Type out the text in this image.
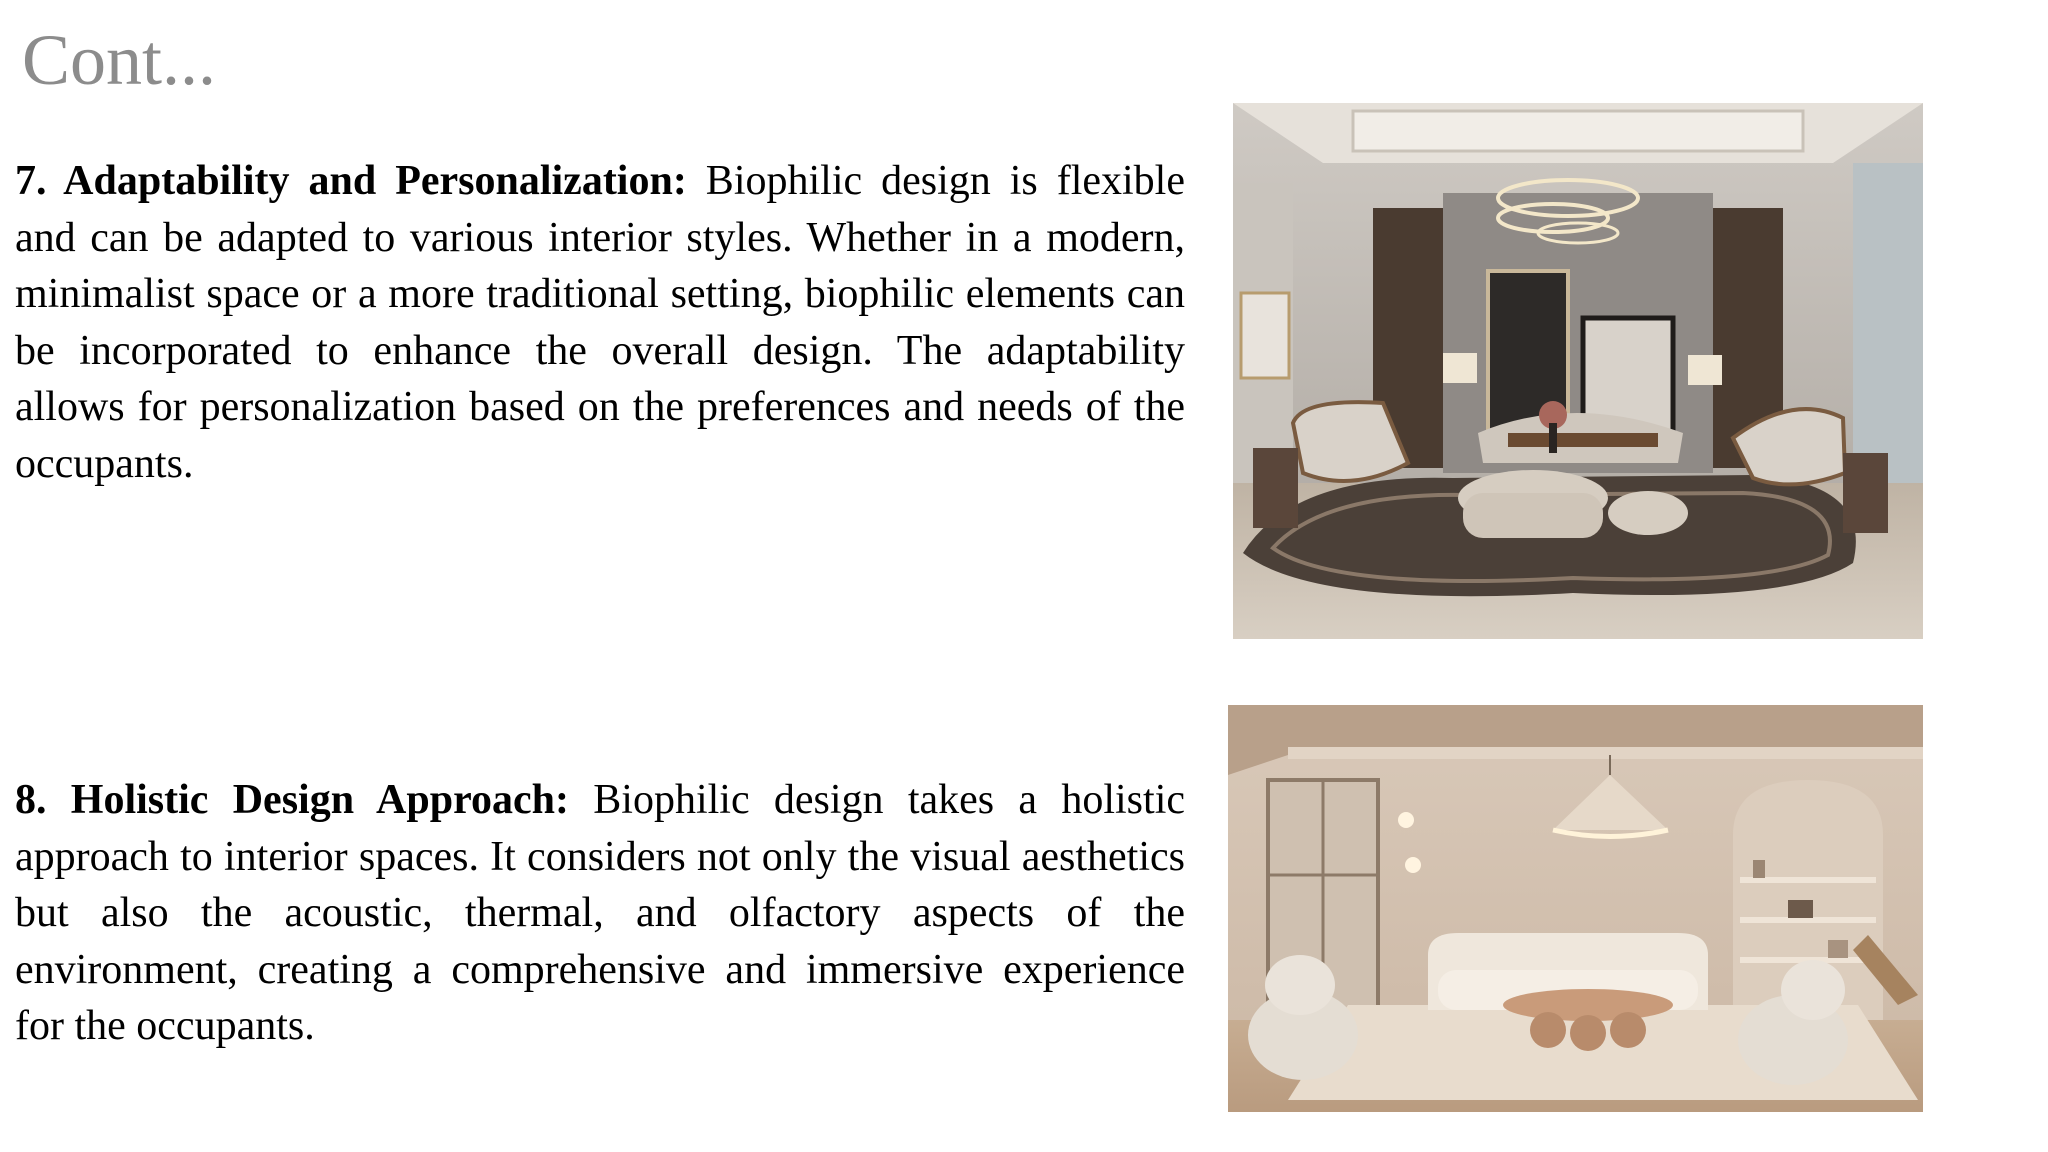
Cont...

7. Adaptability and Personalization: Biophilic design is flexible and can be adapted to various interior styles. Whether in a modern, minimalist space or a more traditional setting, biophilic elements can be incorporated to enhance the overall design. The adaptability allows for personalization based on the preferences and needs of the occupants.

8. Holistic Design Approach: Biophilic design takes a holistic approach to interior spaces. It considers not only the visual aesthetics but also the acoustic, thermal, and olfactory aspects of the environment, creating a comprehensive and immersive experience for the occupants.
